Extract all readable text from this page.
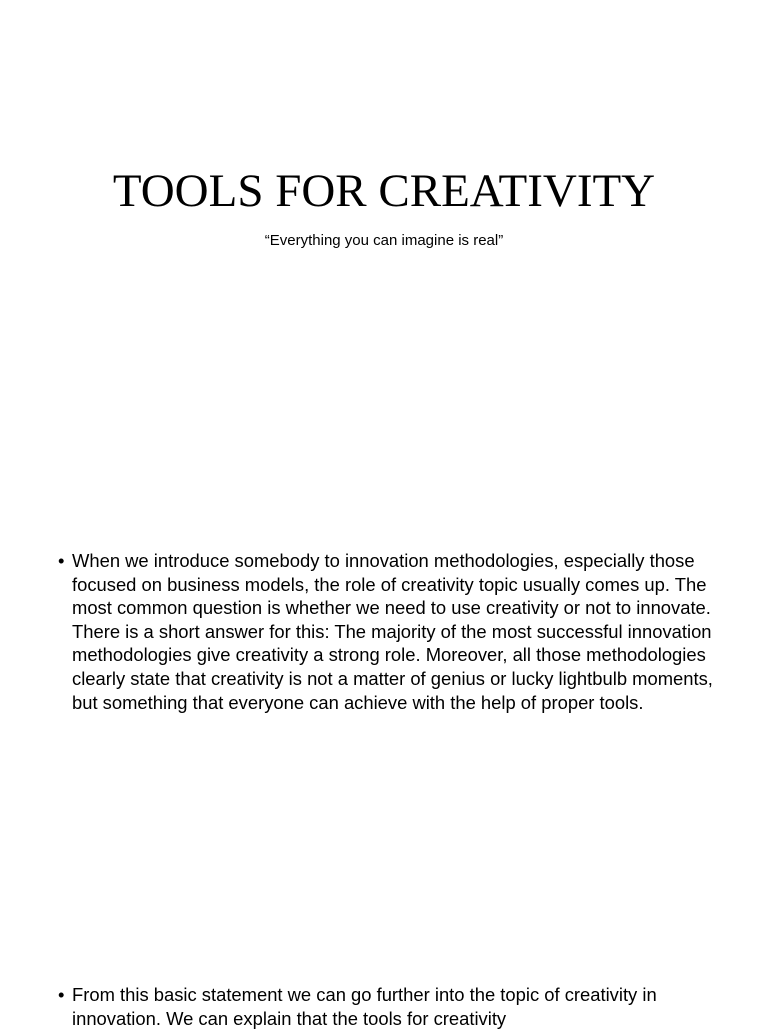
TOOLS FOR CREATIVITY

“Everything you can imagine is real”

• When we introduce somebody to innovation methodologies, especially those focused on business models, the role of creativity topic usually comes up. The most common question is whether we need to use creativity or not to innovate. There is a short answer for this: The majority of the most successful innovation methodologies give creativity a strong role. Moreover, all those methodologies clearly state that creativity is not a matter of genius or lucky lightbulb moments, but something that everyone can achieve with the help of proper tools.
• From this basic statement we can go further into the topic of creativity in innovation. We can explain that the tools for creativity
